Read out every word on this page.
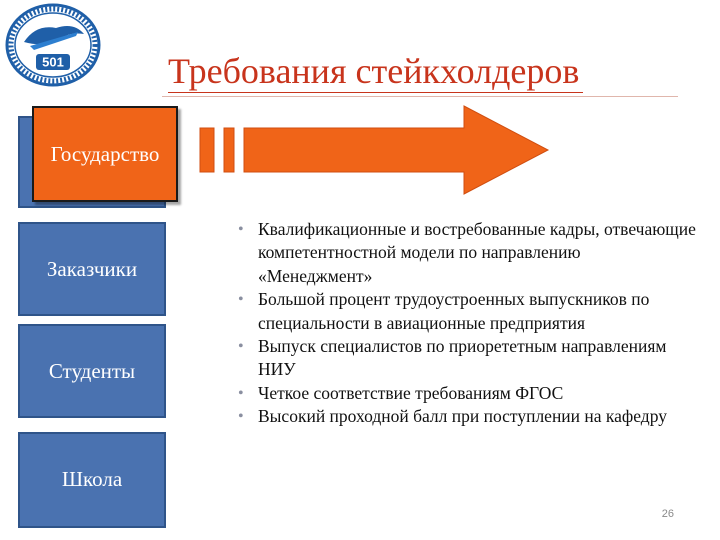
501	Требования стейкхолдеров
Государство
Заказчики
Студенты
Школа
• Квалификационные и востребованные кадры, отвечающие компетентностной модели по направлению «Менеджмент»
• Большой процент трудоустроенных выпускников по специальности в авиационные предприятия
• Выпуск специалистов по приорететным направлениям НИУ
• Четкое соответствие требованиям ФГОС
• Высокий проходной балл при поступлении на кафедру
26
